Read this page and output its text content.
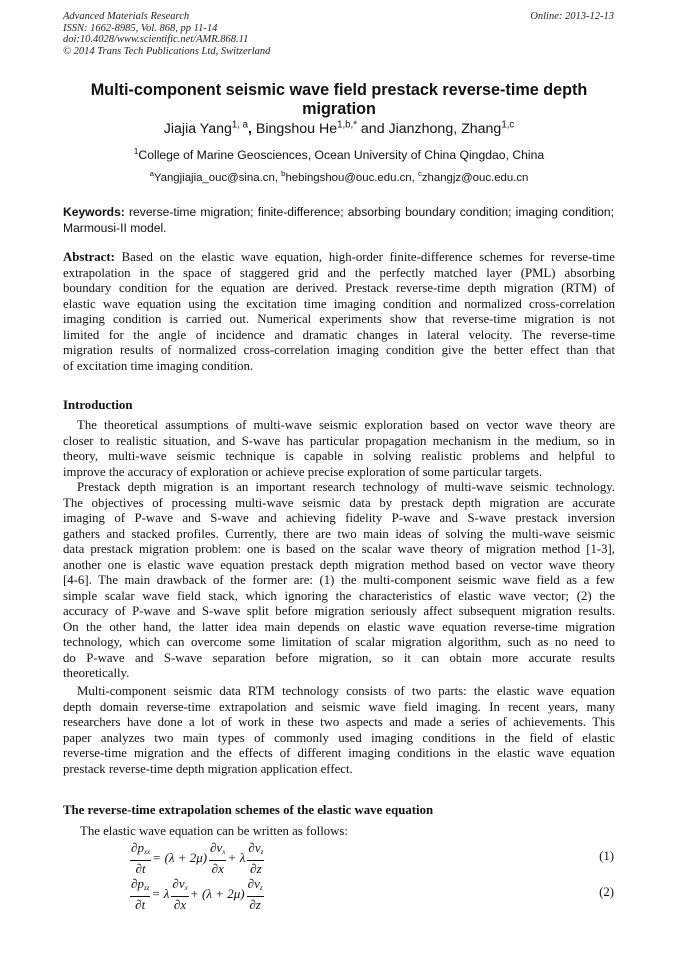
Advanced Materials Research
ISSN: 1662-8985, Vol. 868, pp 11-14
doi:10.4028/www.scientific.net/AMR.868.11
© 2014 Trans Tech Publications Ltd, Switzerland
Online: 2013-12-13
Multi-component seismic wave field prestack reverse-time depth
migration
Jiajia Yang$^{1, a}$, Bingshou $He^{1,b,*}$ and Jianzhong, Zhang$^{1,c}$
$^1$College of Marine Geosciences, Ocean University of China Qingdao, China
$^a$Yangjiajia_ouc@sina.cn, $^b$hebingshou@ouc.edu.cn, $^c$zhangjz@ouc.edu.cn
Keywords: reverse-time migration; finite-difference; absorbing boundary condition; imaging condition; Marmousi-II model.
Abstract: Based on the elastic wave equation, high-order finite-difference schemes for reverse-time
extrapolation in the space of staggered grid and the perfectly matched layer (PML) absorbing
boundary condition for the equation are derived. Prestack reverse-time depth migration (RTM) of
elastic wave equation using the excitation time imaging condition and normalized cross-correlation
imaging condition is carried out. Numerical experiments show that reverse-time migration is not
limited for the angle of incidence and dramatic changes in lateral velocity. The reverse-time
migration results of normalized cross-correlation imaging condition give the better effect than that
of excitation time imaging condition.
Introduction
The theoretical assumptions of multi-wave seismic exploration based on vector wave theory are
closer to realistic situation, and S-wave has particular propagation mechanism in the medium, so in
theory, multi-wave seismic technique is capable in solving realistic problems and helpful to
improve the accuracy of exploration or achieve precise exploration of some particular targets.
Prestack depth migration is an important research technology of multi-wave seismic technology.
The objectives of processing multi-wave seismic data by prestack depth migration are accurate
imaging of P-wave and S-wave and achieving fidelity P-wave and S-wave prestack inversion
gathers and stacked profiles. Currently, there are two main ideas of solving the multi-wave seismic
data prestack migration problem: one is based on the scalar wave theory of migration method [1-3],
another one is elastic wave equation prestack depth migration method based on vector wave theory
[4-6]. The main drawback of the former are: (1) the multi-component seismic wave field as a few
simple scalar wave field stack, which ignoring the characteristics of elastic wave vector; (2) the
accuracy of P-wave and S-wave split before migration seriously affect subsequent migration results.
On the other hand, the latter idea main depends on elastic wave equation reverse-time migration
technology, which can overcome some limitation of scalar migration algorithm, such as no need to
do P-wave and S-wave separation before migration, so it can obtain more accurate results
theoretically.
Multi-component seismic data RTM technology consists of two parts: the elastic wave equation
depth domain reverse-time extrapolation and seismic wave field imaging. In recent years, many
researchers have done a lot of work in these two aspects and made a series of achievements. This
paper analyzes two main types of commonly used imaging conditions in the field of elastic
reverse-time migration and the effects of different imaging conditions in the elastic wave equation
prestack reverse-time depth migration application effect.
The reverse-time extrapolation schemes of the elastic wave equation
The elastic wave equation can be written as follows:
$\frac{\partial p_{xx}}{\partial t} = (\lambda + 2\mu) \frac{\partial v_x}{\partial x} + \lambda \frac{\partial v_z}{\partial z}$	(1)
$\frac{\partial p_{zz}}{\partial t} = \lambda \frac{\partial v_x}{\partial x} + (\lambda + 2\mu) \frac{\partial v_z}{\partial z}$	(2)
